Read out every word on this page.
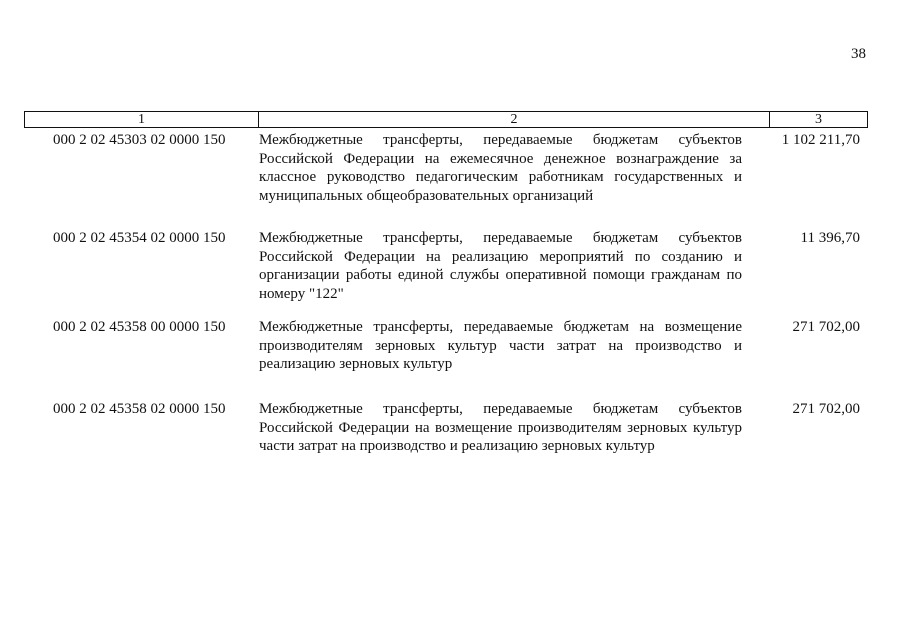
38
1	2	3
000 2 02 45303 02 0000 150 Межбюджетные трансферты, передаваемые бюджетам субъектов Российской Федерации на ежемесячное денежное вознаграждение за классное руководство педагогическим работникам государственных и муниципальных общеобразовательных организаций
1 102 211,70
000 2 02 45354 02 0000 150 Межбюджетные трансферты, передаваемые бюджетам субъектов Российской Федерации на реализацию мероприятий по созданию и организации работы единой службы оперативной помощи гражданам по номеру "122"
11 396,70
000 2 02 45358 00 0000 150 Межбюджетные трансферты, передаваемые бюджетам на возмещение производителям зерновых культур части затрат на производство и реализацию зерновых культур
271 702,00
000 2 02 45358 02 0000 150 Межбюджетные трансферты, передаваемые бюджетам субъектов Российской Федерации на возмещение производителям зерновых культур части затрат на производство и реализацию зерновых культур
271 702,00
